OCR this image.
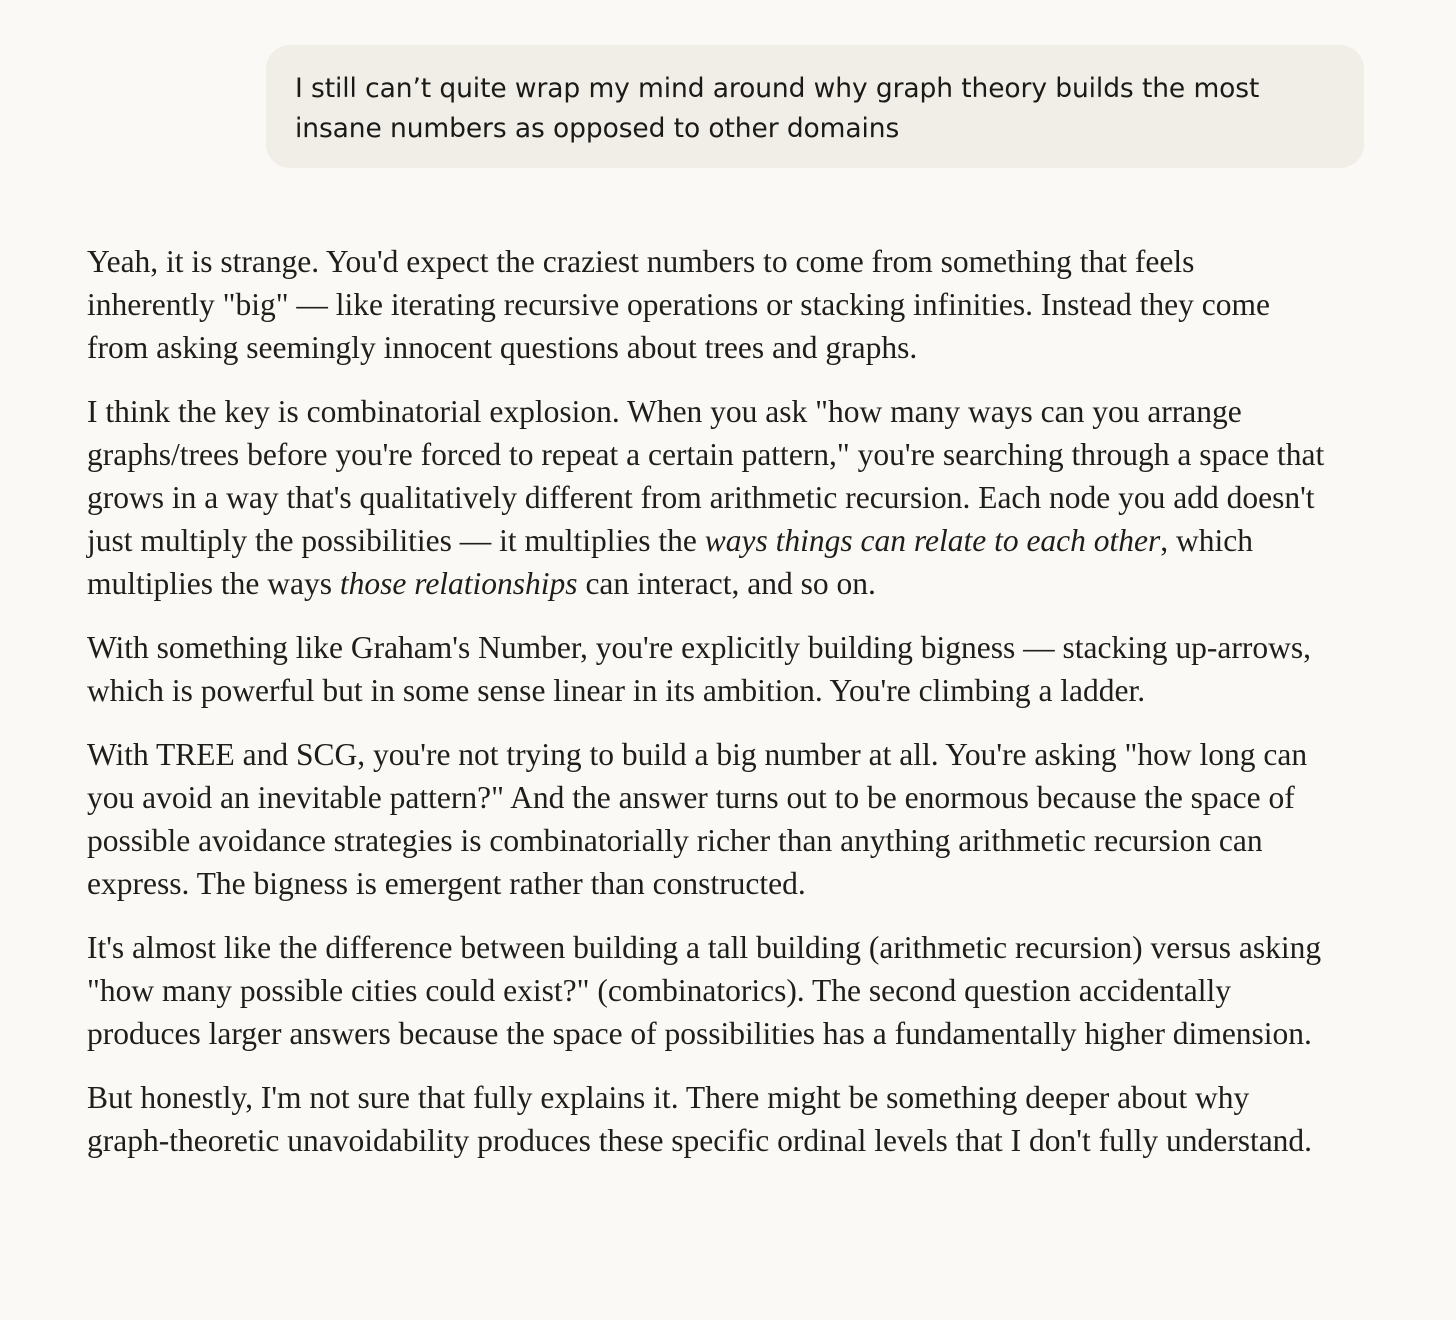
I still can’t quite wrap my mind around why graph theory builds the most insane numbers as opposed to other domains

Yeah, it is strange. You'd expect the craziest numbers to come from something that feels inherently "big" — like iterating recursive operations or stacking infinities. Instead they come from asking seemingly innocent questions about trees and graphs.

I think the key is combinatorial explosion. When you ask "how many ways can you arrange graphs/trees before you're forced to repeat a certain pattern," you're searching through a space that grows in a way that's qualitatively different from arithmetic recursion. Each node you add doesn't just multiply the possibilities — it multiplies the ways things can relate to each other, which multiplies the ways those relationships can interact, and so on.

With something like Graham's Number, you're explicitly building bigness — stacking up-arrows, which is powerful but in some sense linear in its ambition. You're climbing a ladder.

With TREE and SCG, you're not trying to build a big number at all. You're asking "how long can you avoid an inevitable pattern?" And the answer turns out to be enormous because the space of possible avoidance strategies is combinatorially richer than anything arithmetic recursion can express. The bigness is emergent rather than constructed.

It's almost like the difference between building a tall building (arithmetic recursion) versus asking "how many possible cities could exist?" (combinatorics). The second question accidentally produces larger answers because the space of possibilities has a fundamentally higher dimension.

But honestly, I'm not sure that fully explains it. There might be something deeper about why graph-theoretic unavoidability produces these specific ordinal levels that I don't fully understand.
